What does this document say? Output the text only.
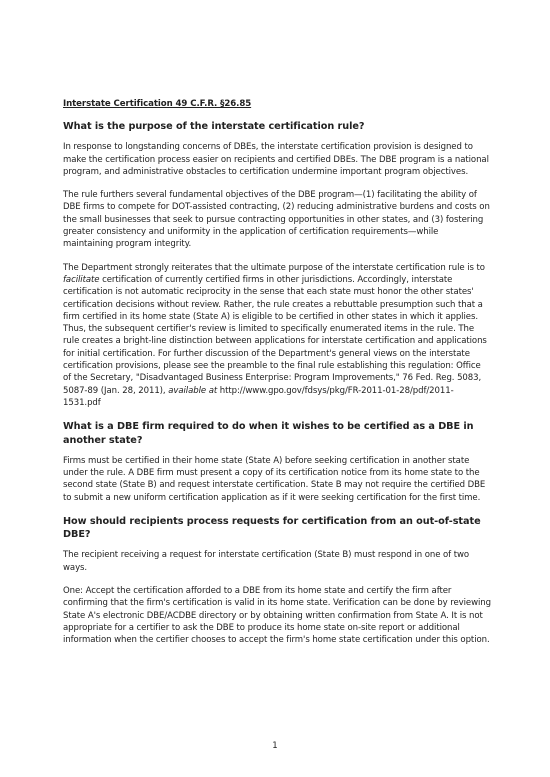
Interstate Certification 49 C.F.R. §26.85
What is the purpose of the interstate certification rule?

In response to longstanding concerns of DBEs, the interstate certification provision is designed to make the certification process easier on recipients and certified DBEs. The DBE program is a national program, and administrative obstacles to certification undermine important program objectives.

The rule furthers several fundamental objectives of the DBE program—(1) facilitating the ability of DBE firms to compete for DOT-assisted contracting, (2) reducing administrative burdens and costs on the small businesses that seek to pursue contracting opportunities in other states, and (3) fostering greater consistency and uniformity in the application of certification requirements—while maintaining program integrity.

The Department strongly reiterates that the ultimate purpose of the interstate certification rule is to facilitate certification of currently certified firms in other jurisdictions. Accordingly, interstate certification is not automatic reciprocity in the sense that each state must honor the other states' certification decisions without review. Rather, the rule creates a rebuttable presumption such that a firm certified in its home state (State A) is eligible to be certified in other states in which it applies. Thus, the subsequent certifier's review is limited to specifically enumerated items in the rule. The rule creates a bright-line distinction between applications for interstate certification and applications for initial certification. For further discussion of the Department's general views on the interstate certification provisions, please see the preamble to the final rule establishing this regulation: Office of the Secretary, "Disadvantaged Business Enterprise: Program Improvements," 76 Fed. Reg. 5083, 5087-89 (Jan. 28, 2011), available at http://www.gpo.gov/fdsys/pkg/FR-2011-01-28/pdf/2011-1531.pdf

What is a DBE firm required to do when it wishes to be certified as a DBE in another state?

Firms must be certified in their home state (State A) before seeking certification in another state under the rule. A DBE firm must present a copy of its certification notice from its home state to the second state (State B) and request interstate certification. State B may not require the certified DBE to submit a new uniform certification application as if it were seeking certification for the first time.

How should recipients process requests for certification from an out-of-state DBE?

The recipient receiving a request for interstate certification (State B) must respond in one of two ways.

One: Accept the certification afforded to a DBE from its home state and certify the firm after confirming that the firm's certification is valid in its home state. Verification can be done by reviewing State A's electronic DBE/ACDBE directory or by obtaining written confirmation from State A. It is not appropriate for a certifier to ask the DBE to produce its home state on-site report or additional information when the certifier chooses to accept the firm's home state certification under this option.

1
